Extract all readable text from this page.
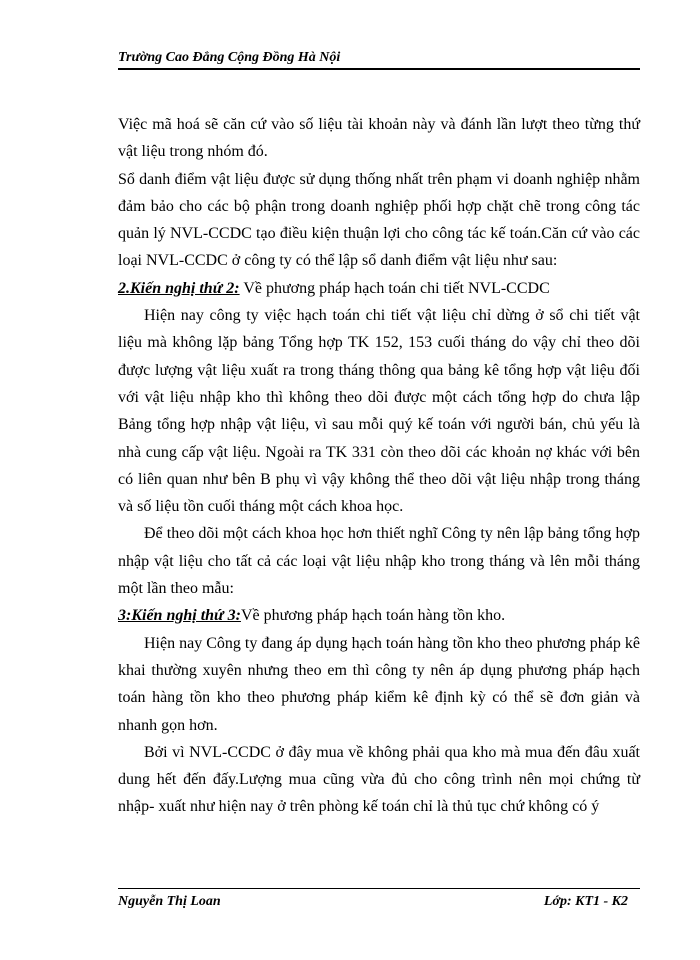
Trường Cao Đẳng Cộng Đồng Hà Nội

Việc mã hoá sẽ căn cứ vào số liệu tài khoản này và đánh lần lượt theo từng thứ vật liệu trong nhóm đó.

Sổ danh điểm vật liệu được sử dụng thống nhất trên phạm vi doanh nghiệp nhằm đảm bảo cho các bộ phận trong doanh nghiệp phối hợp chặt chẽ trong công tác quản lý NVL-CCDC tạo điều kiện thuận lợi cho công tác kế toán.Căn cứ vào các loại NVL-CCDC ở công ty có thể lập sổ danh điểm vật liệu như sau:

2.Kiến nghị thứ 2: Về phương pháp hạch toán chi tiết NVL-CCDC

Hiện nay công ty việc hạch toán chi tiết vật liệu chỉ dừng ở sổ chi tiết vật liệu mà không lặp bảng Tổng hợp TK 152, 153 cuối tháng do vậy chỉ theo dõi được lượng vật liệu xuất ra trong tháng thông qua bảng kê tổng hợp vật liệu đối với vật liệu nhập kho thì không theo dõi được một cách tổng hợp do chưa lập Bảng tổng hợp nhập vật liệu, vì sau mỗi quý kế toán với người bán, chủ yếu là nhà cung cấp vật liệu. Ngoài ra TK 331 còn theo dõi các khoản nợ khác với bên có liên quan như bên B phụ vì vậy không thể theo dõi vật liệu nhập trong tháng và số liệu tồn cuối tháng một cách khoa học.

Để theo dõi một cách khoa học hơn thiết nghĩ Công ty nên lập bảng tổng hợp nhập vật liệu cho tất cả các loại vật liệu nhập kho trong tháng và lên mỗi tháng một lần theo mẫu:

3:Kiến nghị thứ 3:Về phương pháp hạch toán hàng tồn kho.

Hiện nay Công ty đang áp dụng hạch toán hàng tồn kho theo phương pháp kê khai thường xuyên nhưng theo em thì công ty nên áp dụng phương pháp hạch toán hàng tồn kho theo phương pháp kiểm kê định kỳ có thể sẽ đơn giản và nhanh gọn hơn.

Bởi vì NVL-CCDC ở đây mua về không phải qua kho mà mua đến đâu xuất dung hết đến đấy.Lượng mua cũng vừa đủ cho công trình nên mọi chứng từ nhập- xuất như hiện nay ở trên phòng kế toán chỉ là thủ tục chứ không có ý

Nguyễn Thị Loan	Lớp: KT1 - K2
